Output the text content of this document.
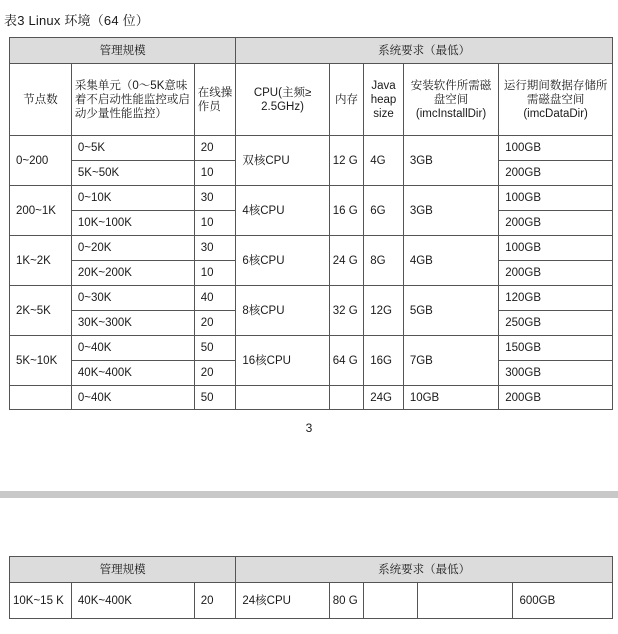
表3 Linux 环境（64 位）
管理规模			系统要求（最低）				
节点数	采集单元（0～5K意味着不启动性能监控或启动少量性能监控）	在线操作员	CPU(主频≥ 2.5GHz)	内存	Java heap size	安装软件所需磁盘空间(imcInstallDir)	运行期间数据存储所需磁盘空间(imcDataDir)
0~200	0~5K	20	双核CPU	12 G	4G	3GB	100GB
	5K~50K	10					200GB
200~1K	0~10K	30	4核CPU	16 G	6G	3GB	100GB
	10K~100K	10					200GB
1K~2K	0~20K	30	6核CPU	24 G	8G	4GB	100GB
	20K~200K	10					200GB
2K~5K	0~30K	40	8核CPU	32 G	12G	5GB	120GB
	30K~300K	20					250GB
5K~10K	0~40K	50	16核CPU	64 G	16G	7GB	150GB
	40K~400K	20					300GB
	0~40K	50			24G	10GB	200GB
3
管理规模			系统要求（最低）				
10K~15 K	40K~400K	20	24核CPU	80 G			600GB
